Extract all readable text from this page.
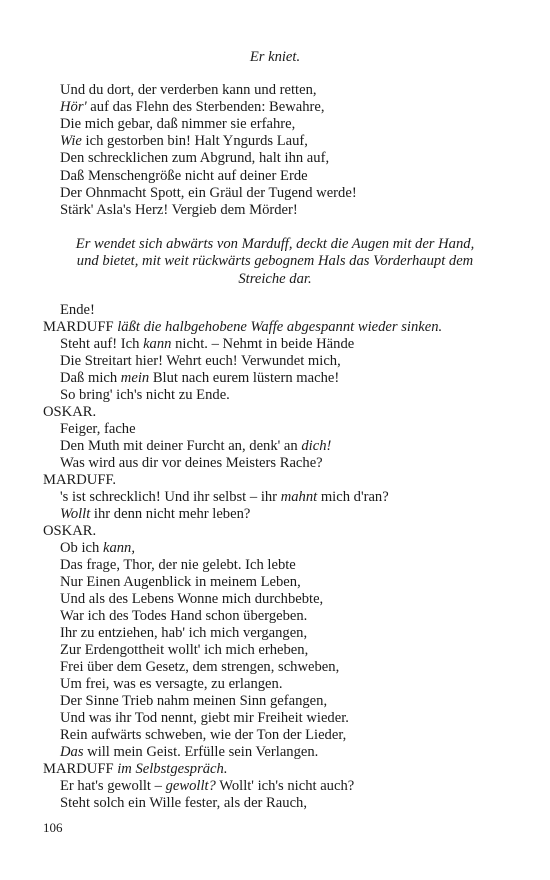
Er kniet.
Und du dort, der verderben kann und retten,
Hör' auf das Flehn des Sterbenden: Bewahre,
Die mich gebar, daß nimmer sie erfahre,
Wie ich gestorben bin! Halt Yngurds Lauf,
Den schrecklichen zum Abgrund, halt ihn auf,
Daß Menschengröße nicht auf deiner Erde
Der Ohnmacht Spott, ein Gräul der Tugend werde!
Stärk' Asla's Herz! Vergieb dem Mörder!
Er wendet sich abwärts von Marduff, deckt die Augen mit der Hand,
und bietet, mit weit rückwärts gebognem Hals das Vorderhaupt dem
Streiche dar.
Ende!
MARDUFF läßt die halbgehobene Waffe abgespannt wieder sinken.
Steht auf! Ich kann nicht. – Nehmt in beide Hände
Die Streitart hier! Wehrt euch! Verwundet mich,
Daß mich mein Blut nach eurem lüstern mache!
So bring' ich's nicht zu Ende.
OSKAR.
Feiger, fache
Den Muth mit deiner Furcht an, denk' an dich!
Was wird aus dir vor deines Meisters Rache?
MARDUFF.
's ist schrecklich! Und ihr selbst – ihr mahnt mich d'ran?
Wollt ihr denn nicht mehr leben?
OSKAR.
Ob ich kann,
Das frage, Thor, der nie gelebt. Ich lebte
Nur Einen Augenblick in meinem Leben,
Und als des Lebens Wonne mich durchbebte,
War ich des Todes Hand schon übergeben.
Ihr zu entziehen, hab' ich mich vergangen,
Zur Erdengottheit wollt' ich mich erheben,
Frei über dem Gesetz, dem strengen, schweben,
Um frei, was es versagte, zu erlangen.
Der Sinne Trieb nahm meinen Sinn gefangen,
Und was ihr Tod nennt, giebt mir Freiheit wieder.
Rein aufwärts schweben, wie der Ton der Lieder,
Das will mein Geist. Erfülle sein Verlangen.
MARDUFF im Selbstgespräch.
Er hat's gewollt – gewollt? Wollt' ich's nicht auch?
Steht solch ein Wille fester, als der Rauch,
106
